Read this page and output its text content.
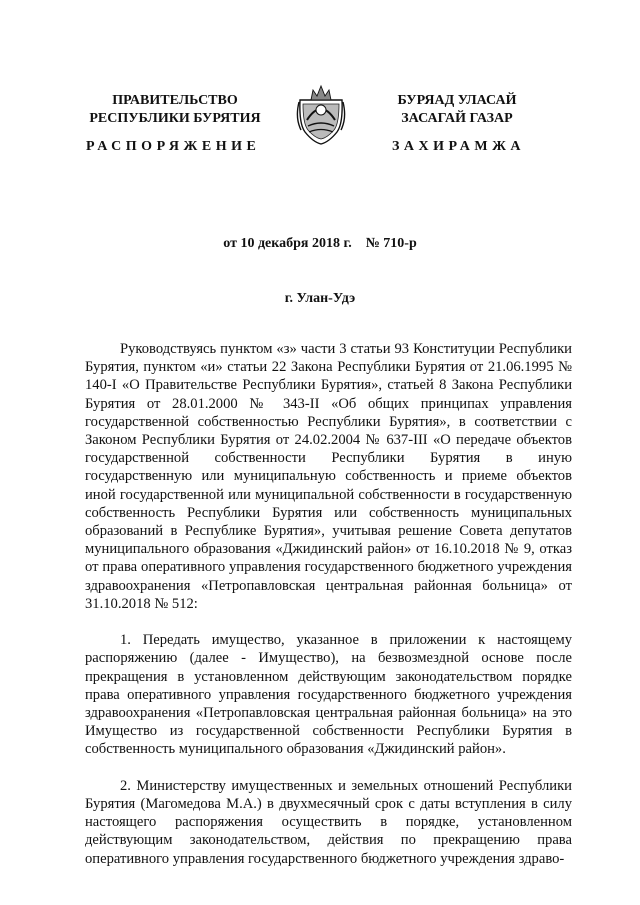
ПРАВИТЕЛЬСТВО
РЕСПУБЛИКИ БУРЯТИЯ
БУРЯАД УЛАСАЙ
ЗАСАГАЙ ГАЗАР
РАСПОРЯЖЕНИЕ	ЗАХИРАМЖА
от 10 декабря 2018 г.    № 710-р
г. Улан-Удэ

Руководствуясь пунктом «з» части 3 статьи 93 Конституции Республики Бурятия, пунктом «и» статьи 22 Закона Республики Бурятия от 21.06.1995 № 140-I «О Правительстве Республики Бурятия», статьей 8 Закона Республики Бурятия от 28.01.2000 № 343-II «Об общих принципах управления государственной собственностью Республики Бурятия», в соответствии с Законом Республики Бурятия от 24.02.2004 № 637-III «О передаче объектов государственной собственности Республики Бурятия в иную государственную или муниципальную собственность и приеме объектов иной государственной или муниципальной собственности в государственную собственность Республики Бурятия или собственность муниципальных образований в Республике Бурятия», учитывая решение Совета депутатов муниципального образования «Джидинский район» от 16.10.2018 № 9, отказ от права оперативного управления государственного бюджетного учреждения здравоохранения «Петропавловская центральная районная больница» от 31.10.2018 № 512:

1. Передать имущество, указанное в приложении к настоящему распоряжению (далее - Имущество), на безвозмездной основе после прекращения в установленном действующим законодательством порядке права оперативного управления государственного бюджетного учреждения здравоохранения «Петропавловская центральная районная больница» на это Имущество из государственной собственности Республики Бурятия в собственность муниципального образования «Джидинский район».

2. Министерству имущественных и земельных отношений Республики Бурятия (Магомедова М.А.) в двухмесячный срок с даты вступления в силу настоящего распоряжения осуществить в порядке, установленном действующим законодательством, действия по прекращению права оперативного управления государственного бюджетного учреждения здраво-
